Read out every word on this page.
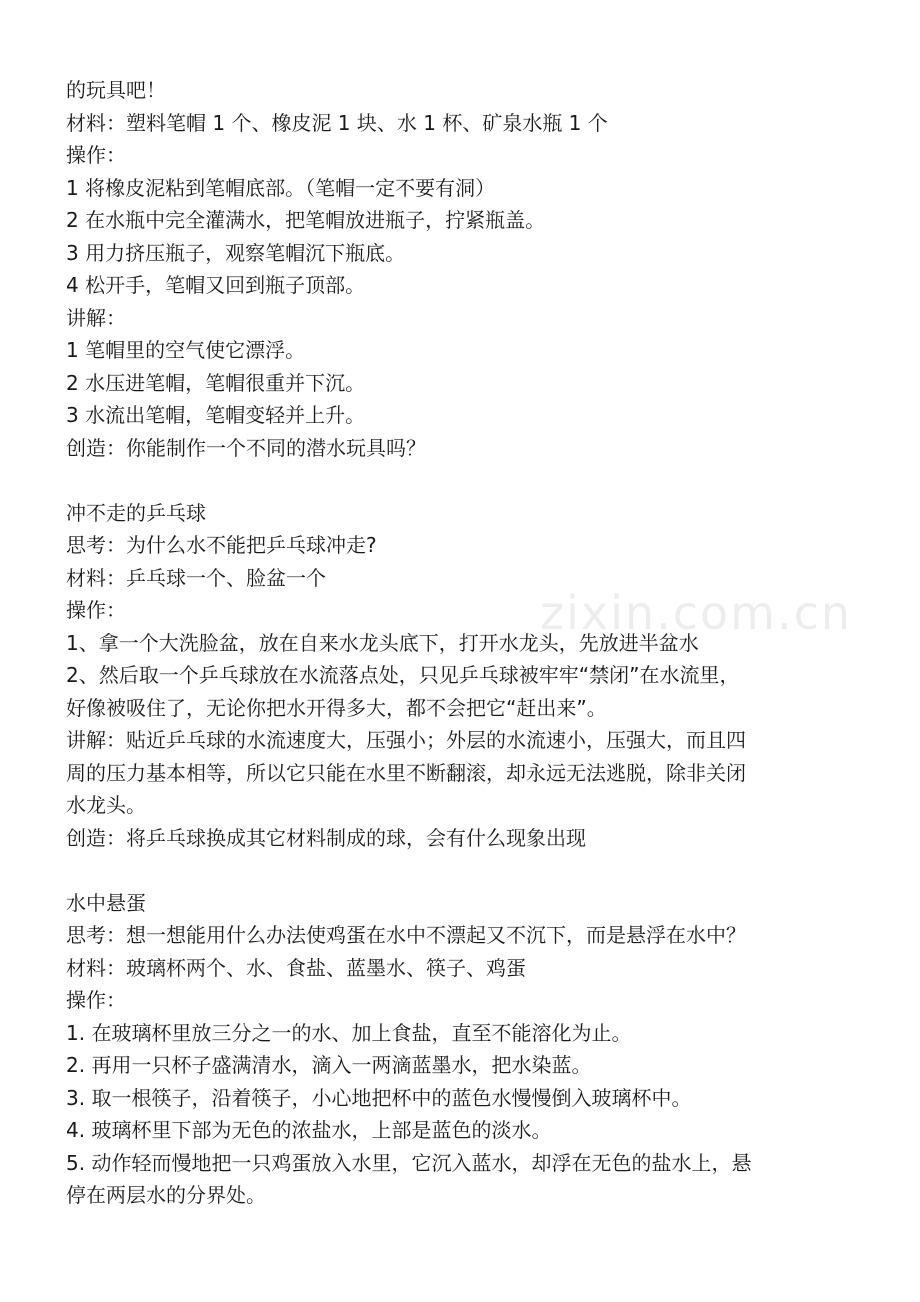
zixin.com.cn
的玩具吧！
材料：塑料笔帽 1 个、橡皮泥 1 块、水 1 杯、矿泉水瓶 1 个
操作：
1 将橡皮泥粘到笔帽底部。（笔帽一定不要有洞）
2 在水瓶中完全灌满水，把笔帽放进瓶子，拧紧瓶盖。
3 用力挤压瓶子，观察笔帽沉下瓶底。
4 松开手，笔帽又回到瓶子顶部。
讲解：
1 笔帽里的空气使它漂浮。
2 水压进笔帽，笔帽很重并下沉。
3 水流出笔帽，笔帽变轻并上升。
创造：你能制作一个不同的潜水玩具吗？
冲不走的乒乓球
思考：为什么水不能把乒乓球冲走?
材料：乒乓球一个、脸盆一个
操作：
1、拿一个大洗脸盆，放在自来水龙头底下，打开水龙头，先放进半盆水
2、然后取一个乒乓球放在水流落点处，只见乒乓球被牢牢“禁闭”在水流里，
好像被吸住了，无论你把水开得多大，都不会把它“赶出来”。
讲解：贴近乒乓球的水流速度大，压强小；外层的水流速小，压强大，而且四
周的压力基本相等，所以它只能在水里不断翻滚，却永远无法逃脱，除非关闭
水龙头。
创造：将乒乓球换成其它材料制成的球，会有什么现象出现
水中悬蛋
思考：想一想能用什么办法使鸡蛋在水中不漂起又不沉下，而是悬浮在水中？
材料：玻璃杯两个、水、食盐、蓝墨水、筷子、鸡蛋
操作：
1. 在玻璃杯里放三分之一的水、加上食盐，直至不能溶化为止。
2. 再用一只杯子盛满清水，滴入一两滴蓝墨水，把水染蓝。
3. 取一根筷子，沿着筷子，小心地把杯中的蓝色水慢慢倒入玻璃杯中。
4. 玻璃杯里下部为无色的浓盐水，上部是蓝色的淡水。
5. 动作轻而慢地把一只鸡蛋放入水里，它沉入蓝水，却浮在无色的盐水上，悬
停在两层水的分界处。
